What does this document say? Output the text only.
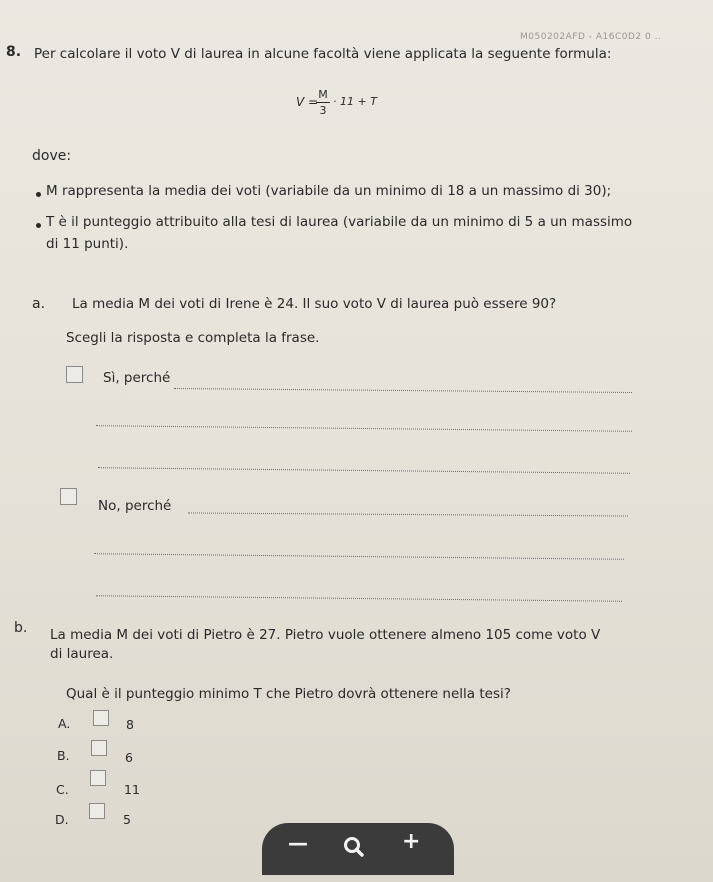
M050202AFD - A16C0D2 0 ..
8. Per calcolare il voto V di laurea in alcune facoltà viene applicata la seguente formula:
V =
M
3
· 11 + T
dove:
M rappresenta la media dei voti (variabile da un minimo di 18 a un massimo di 30);
T è il punteggio attribuito alla tesi di laurea (variabile da un minimo di 5 a un massimo
di 11 punti).
a. La media M dei voti di Irene è 24. Il suo voto V di laurea può essere 90?
Scegli la risposta e completa la frase.
Sì, perché
No, perché
b. La media M dei voti di Pietro è 27. Pietro vuole ottenere almeno 105 come voto V
di laurea.
Qual è il punteggio minimo T che Pietro dovrà ottenere nella tesi?
A.	8
B.	6
C.	11
D.	5
—	+
